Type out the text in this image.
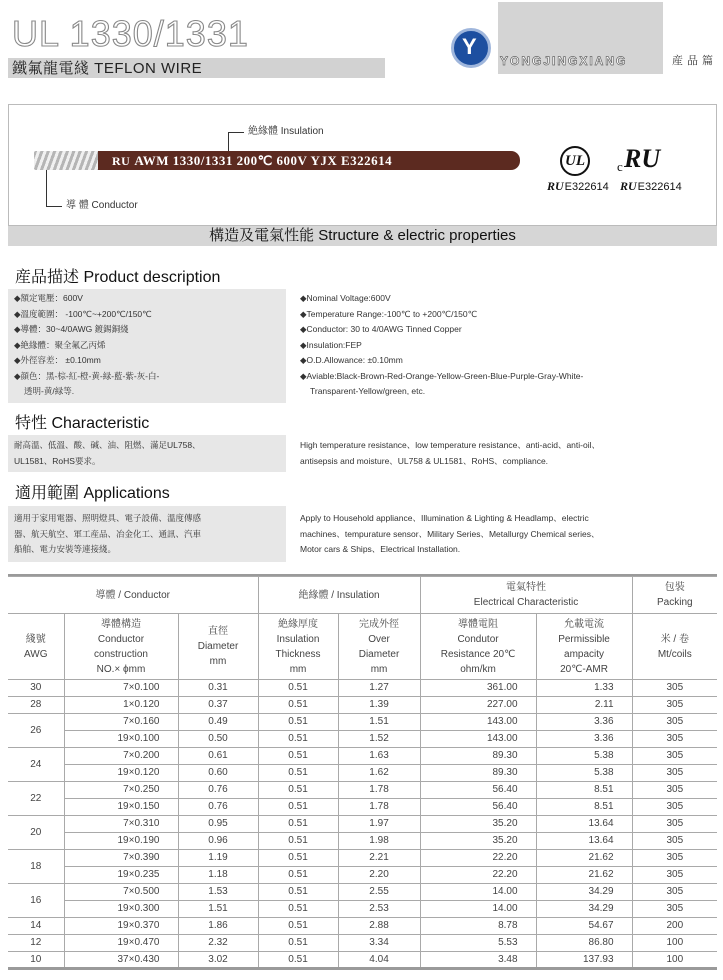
UL 1330/1331
鐵氟龍電綫 TEFLON WIRE
Y
YONGJINGXIANG	産品篇
絶緣體 Insulation
導 體 Conductor
RU AWM 1330/1331 200℃ 600V YJX E322614	UL	c RU
RUE322614 RUE322614
構造及電氣性能 Structure & electric properties
産品描述 Product description
◆額定電壓：600V
◆溫度範圍： -100℃~+200℃/150℃
◆導體：30~4/0AWG 鍍錫銅綫
◆絶緣體：聚全氟乙丙烯
◆外徑容差： ±0.10mm
◆顔色：黑-棕-紅-橙-黄-緑-藍-紫-灰-白-
透明-黄/緑等.
◆Nominal Voltage:600V
◆Temperature Range:-100℃ to +200℃/150℃
◆Conductor: 30 to 4/0AWG Tinned Copper
◆Insulation:FEP
◆O.D.Allowance: ±0.10mm
◆Aviable:Black-Brown-Red-Orange-Yellow-Green-Blue-Purple-Gray-White-
Transparent-Yellow/green, etc.
特性 Characteristic
耐高溫、低溫、酸、碱、油、阻燃、滿足UL758、
UL1581、RoHS要求。
High temperature resistance、low temperature resistance、anti-acid、anti-oil、
antisepsis and moisture、UL758 & UL1581、RoHS、compliance.
適用範圍 Applications
適用于家用電器、照明燈具、電子設備、溫度傳感
器、航天航空、軍工産品、冶金化工、通訊、汽車
船舶、電力安裝等連接綫。
Apply to Household appliance、Illumination & Lighting & Headlamp、electric
machines、tempurature sensor、Military Series、Metallurgy Chemical series、
Motor cars & Ships、Electrical Installation.
導體 / Conductor			絶緣體 / Insulation		電氣特性
Electrical Characteristic		包裝
Packing
綫號
AWG	導體構造
Conductor
construction
NO.× ϕmm	直徑
Diameter
mm	絶緣厚度
Insulation
Thickness
mm	完成外徑
Over
Diameter
mm	導體電阻
Condutor
Resistance 20℃
ohm/km	允載電流
Permissible
ampacity
20℃-AMR	米 / 卷
Mt/coils
30	7×0.100	0.31	0.51	1.27	361.00	1.33	305
28	1×0.120	0.37	0.51	1.39	227.00	2.11	305
26	7×0.160	0.49	0.51	1.51	143.00	3.36	305
	19×0.100	0.50	0.51	1.52	143.00	3.36	305
24	7×0.200	0.61	0.51	1.63	89.30	5.38	305
	19×0.120	0.60	0.51	1.62	89.30	5.38	305
22	7×0.250	0.76	0.51	1.78	56.40	8.51	305
	19×0.150	0.76	0.51	1.78	56.40	8.51	305
20	7×0.310	0.95	0.51	1.97	35.20	13.64	305
	19×0.190	0.96	0.51	1.98	35.20	13.64	305
18	7×0.390	1.19	0.51	2.21	22.20	21.62	305
	19×0.235	1.18	0.51	2.20	22.20	21.62	305
16	7×0.500	1.53	0.51	2.55	14.00	34.29	305
	19×0.300	1.51	0.51	2.53	14.00	34.29	305
14	19×0.370	1.86	0.51	2.88	8.78	54.67	200
12	19×0.470	2.32	0.51	3.34	5.53	86.80	100
10	37×0.430	3.02	0.51	4.04	3.48	137.93	100
